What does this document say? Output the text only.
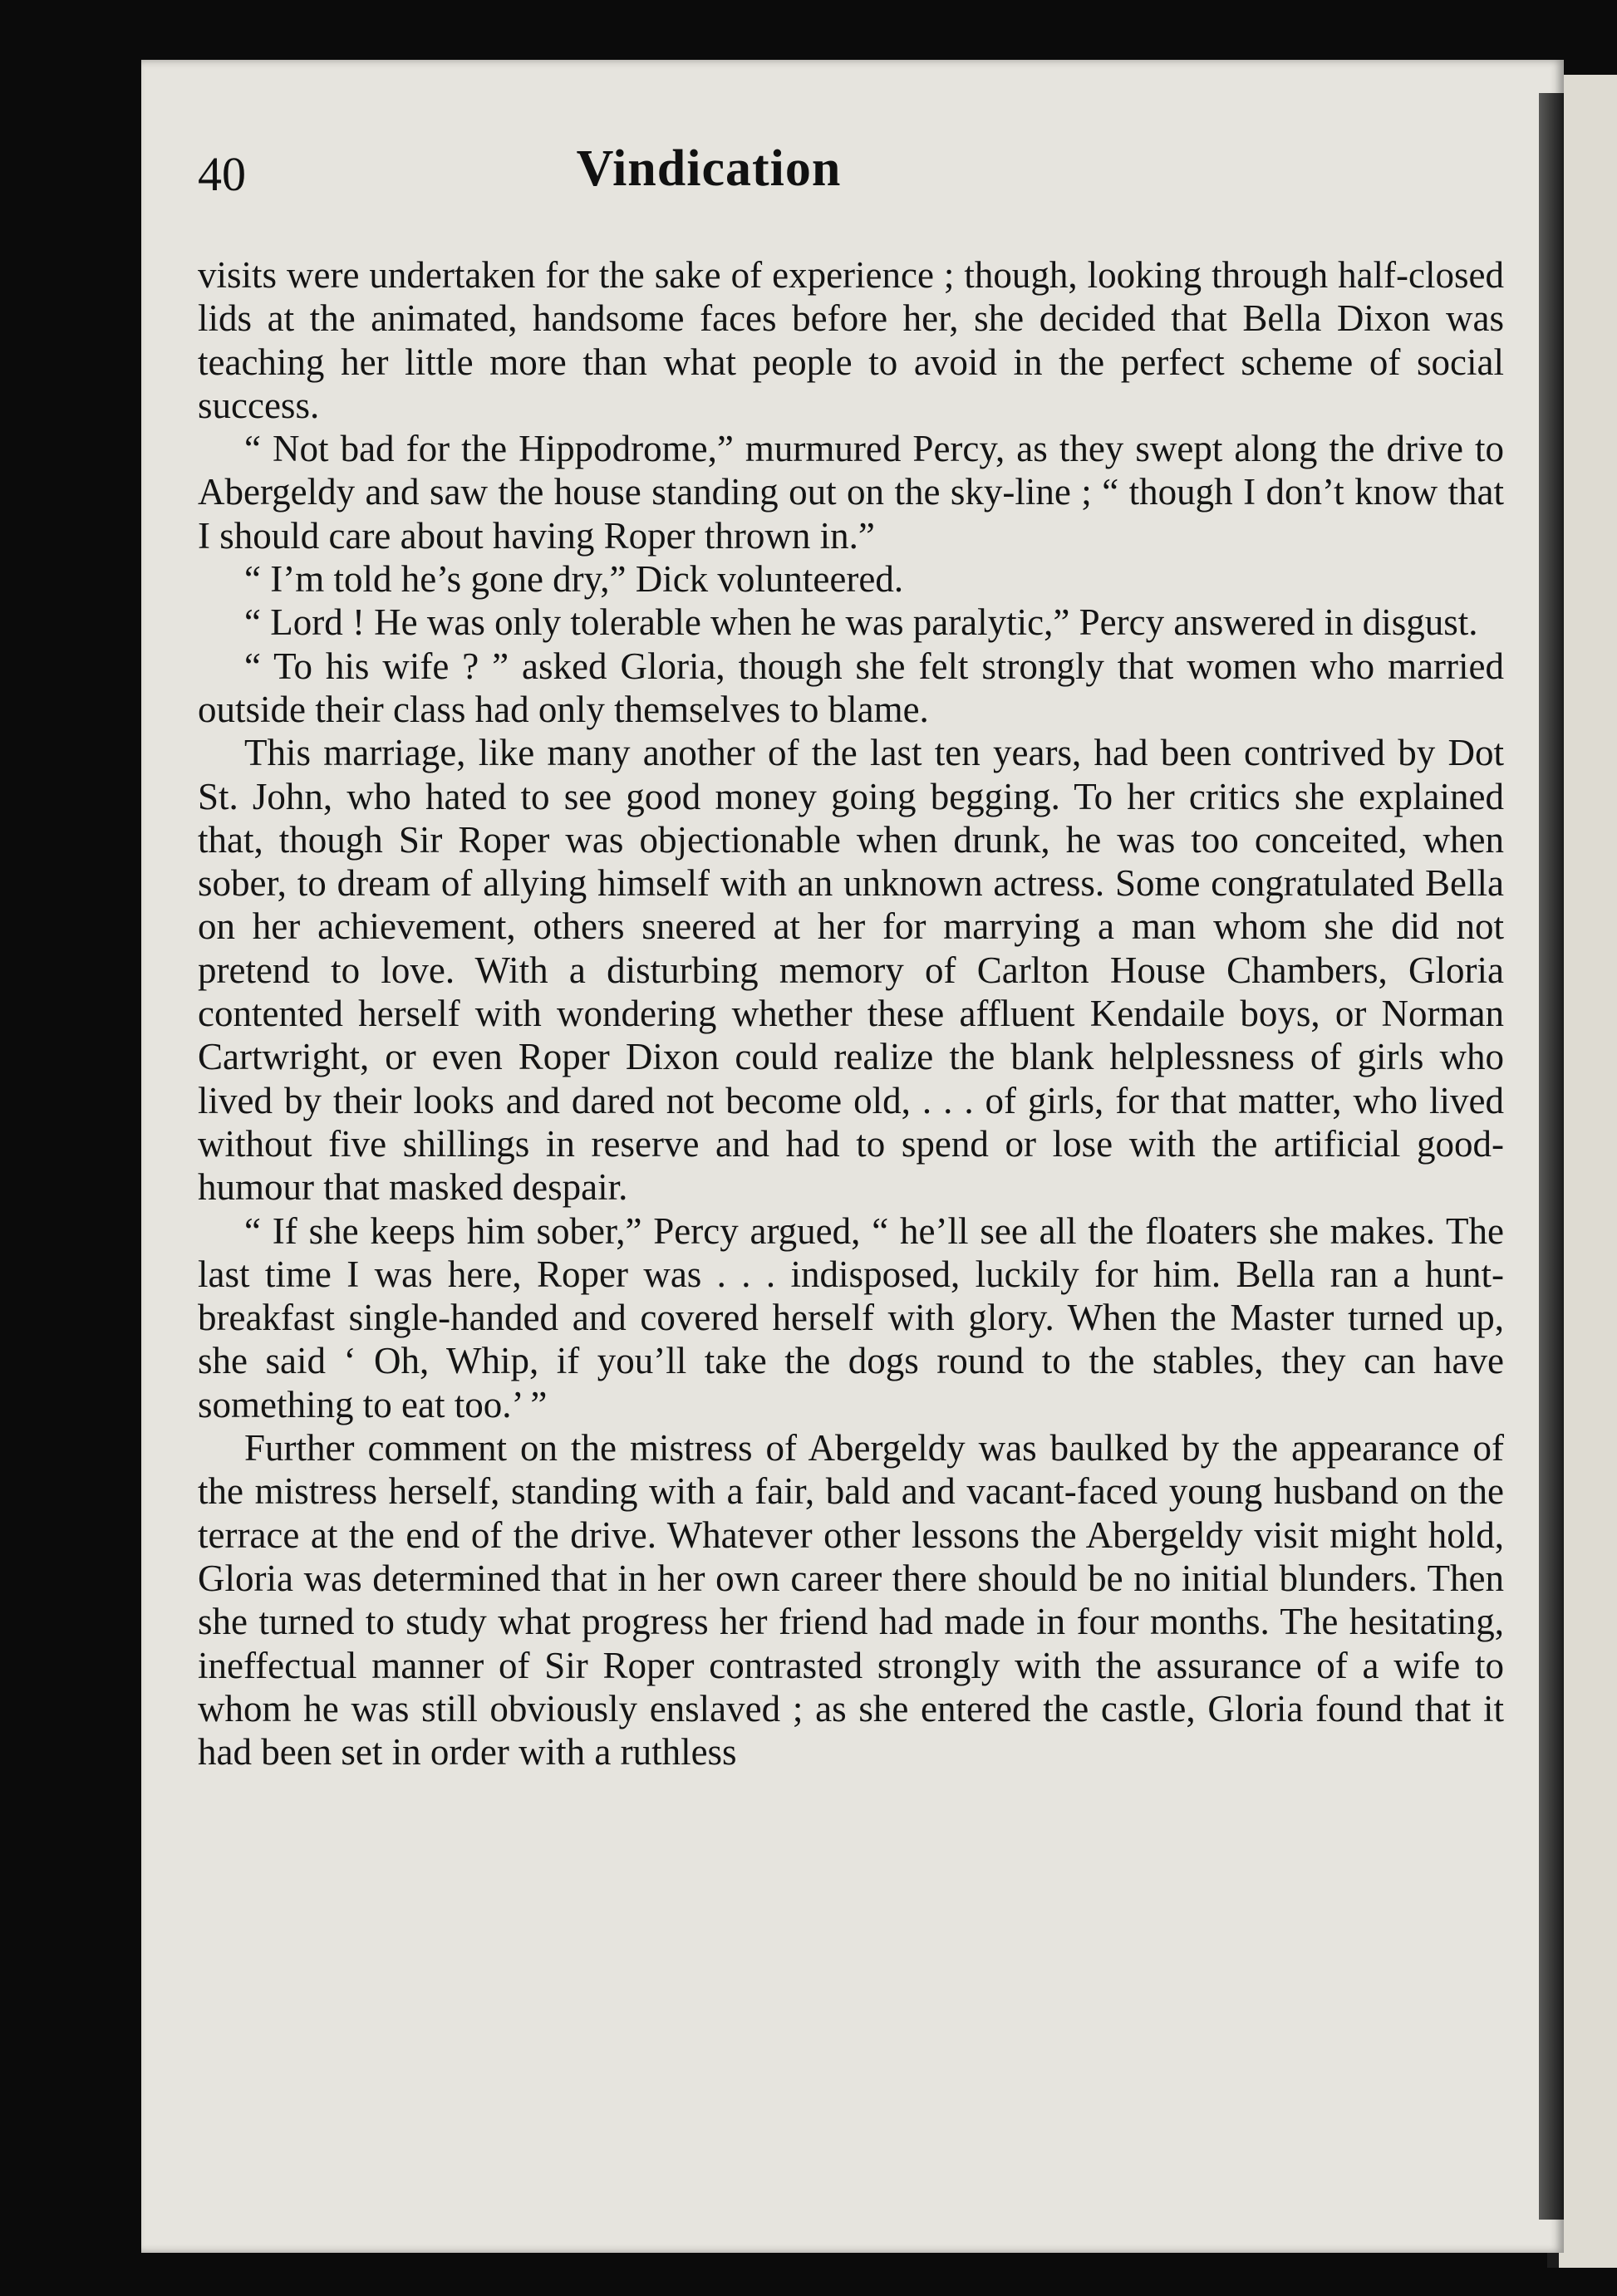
40	Vindication

visits were undertaken for the sake of experience ; though, looking through half-closed lids at the animated, handsome faces before her, she decided that Bella Dixon was teaching her little more than what people to avoid in the perfect scheme of social success.

“ Not bad for the Hippodrome,” murmured Percy, as they swept along the drive to Abergeldy and saw the house standing out on the sky-line ; “ though I don’t know that I should care about having Roper thrown in.”

“ I’m told he’s gone dry,” Dick volunteered.

“ Lord ! He was only tolerable when he was paralytic,” Percy answered in disgust.

“ To his wife ? ” asked Gloria, though she felt strongly that women who married outside their class had only themselves to blame.

This marriage, like many another of the last ten years, had been contrived by Dot St. John, who hated to see good money going begging. To her critics she explained that, though Sir Roper was objectionable when drunk, he was too conceited, when sober, to dream of allying himself with an unknown actress. Some congratulated Bella on her achievement, others sneered at her for marrying a man whom she did not pretend to love. With a disturbing memory of Carlton House Chambers, Gloria contented herself with wondering whether these affluent Kendaile boys, or Norman Cartwright, or even Roper Dixon could realize the blank helplessness of girls who lived by their looks and dared not become old, . . . of girls, for that matter, who lived without five shillings in reserve and had to spend or lose with the artificial good-humour that masked despair.

“ If she keeps him sober,” Percy argued, “ he’ll see all the floaters she makes. The last time I was here, Roper was . . . indisposed, luckily for him. Bella ran a hunt-breakfast single-handed and covered herself with glory. When the Master turned up, she said ‘ Oh, Whip, if you’ll take the dogs round to the stables, they can have something to eat too.’ ”

Further comment on the mistress of Abergeldy was baulked by the appearance of the mistress herself, standing with a fair, bald and vacant-faced young husband on the terrace at the end of the drive. Whatever other lessons the Abergeldy visit might hold, Gloria was determined that in her own career there should be no initial blunders. Then she turned to study what progress her friend had made in four months. The hesitating, ineffectual manner of Sir Roper contrasted strongly with the assurance of a wife to whom he was still obviously enslaved ; as she entered the castle, Gloria found that it had been set in order with a ruthless
